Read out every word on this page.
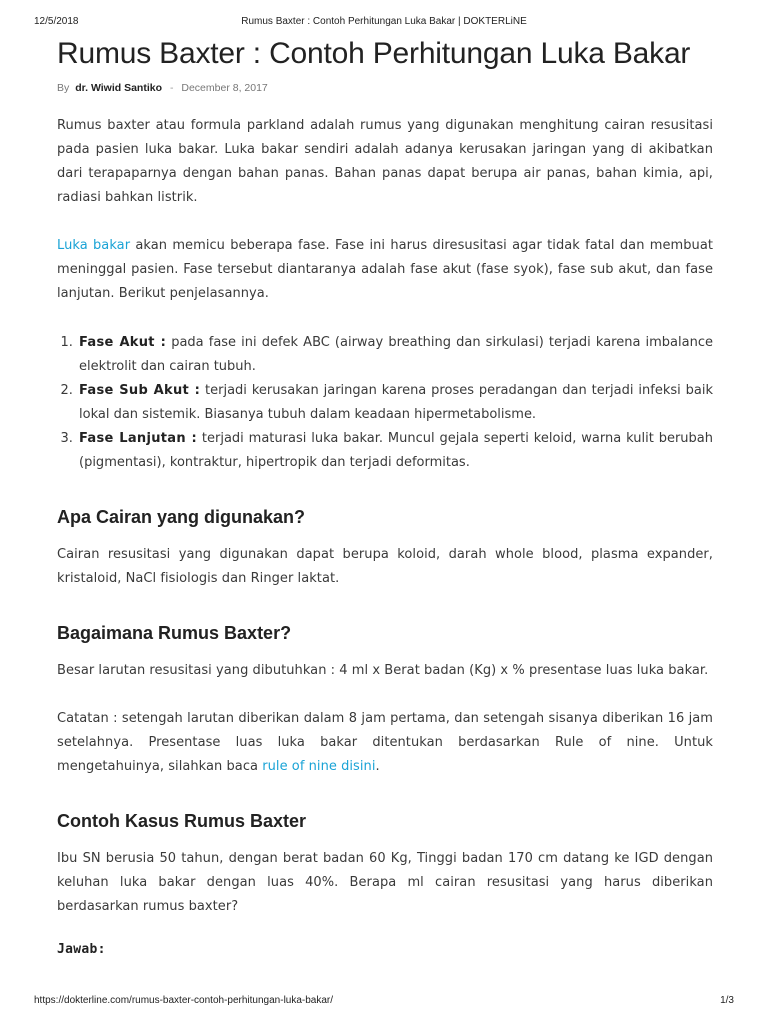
12/5/2018	Rumus Baxter : Contoh Perhitungan Luka Bakar | DOKTERLiNE
Rumus Baxter : Contoh Perhitungan Luka Bakar
By dr. Wiwid Santiko - December 8, 2017

Rumus baxter atau formula parkland adalah rumus yang digunakan menghitung cairan resusitasi pada pasien luka bakar. Luka bakar sendiri adalah adanya kerusakan jaringan yang di akibatkan dari terapaparnya dengan bahan panas. Bahan panas dapat berupa air panas, bahan kimia, api, radiasi bahkan listrik.

Luka bakar akan memicu beberapa fase. Fase ini harus diresusitasi agar tidak fatal dan membuat meninggal pasien. Fase tersebut diantaranya adalah fase akut (fase syok), fase sub akut, dan fase lanjutan. Berikut penjelasannya.

1. Fase Akut : pada fase ini defek ABC (airway breathing dan sirkulasi) terjadi karena imbalance elektrolit dan cairan tubuh.
2. Fase Sub Akut : terjadi kerusakan jaringan karena proses peradangan dan terjadi infeksi baik lokal dan sistemik. Biasanya tubuh dalam keadaan hipermetabolisme.
3. Fase Lanjutan : terjadi maturasi luka bakar. Muncul gejala seperti keloid, warna kulit berubah (pigmentasi), kontraktur, hipertropik dan terjadi deformitas.
Apa Cairan yang digunakan?

Cairan resusitasi yang digunakan dapat berupa koloid, darah whole blood, plasma expander, kristaloid, NaCl fisiologis dan Ringer laktat.

Bagaimana Rumus Baxter?

Besar larutan resusitasi yang dibutuhkan : 4 ml x Berat badan (Kg) x % presentase luas luka bakar.

Catatan : setengah larutan diberikan dalam 8 jam pertama, dan setengah sisanya diberikan 16 jam setelahnya. Presentase luas luka bakar ditentukan berdasarkan Rule of nine. Untuk mengetahuinya, silahkan baca rule of nine disini.

Contoh Kasus Rumus Baxter

Ibu SN berusia 50 tahun, dengan berat badan 60 Kg, Tinggi badan 170 cm datang ke IGD dengan keluhan luka bakar dengan luas 40%. Berapa ml cairan resusitasi yang harus diberikan berdasarkan rumus baxter?

Jawab:
https://dokterline.com/rumus-baxter-contoh-perhitungan-luka-bakar/	1/3
